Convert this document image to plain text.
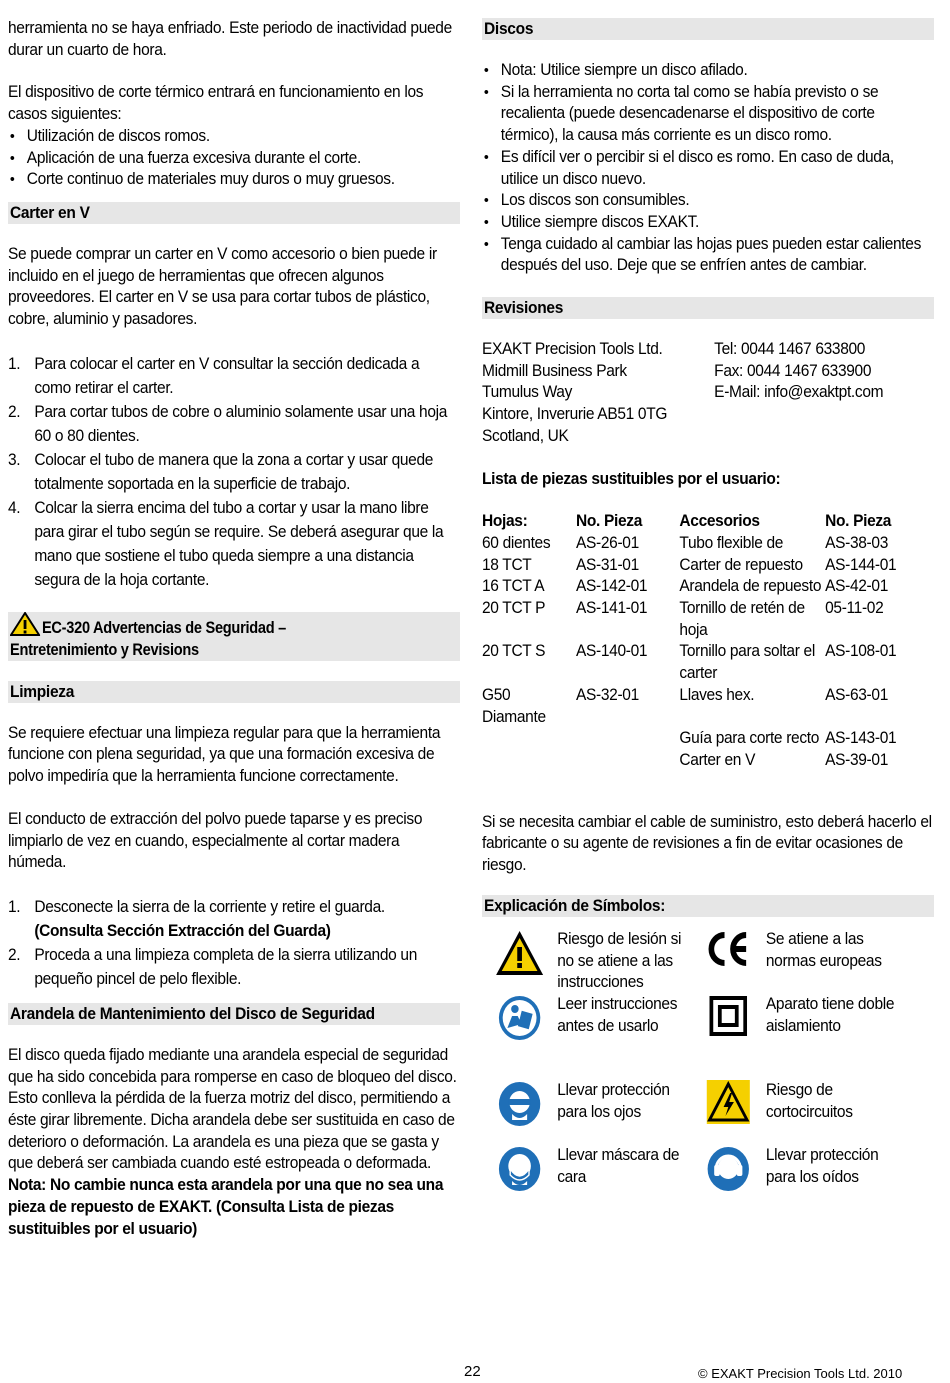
herramienta no se haya enfriado. Este periodo de inactividad puede durar un cuarto de hora.

El dispositivo de corte térmico entrará en funcionamiento en los casos siguientes:

• Utilización de discos romos.
• Aplicación de una fuerza excesiva durante el corte.
• Corte continuo de materiales muy duros o muy gruesos.
Carter en V

Se puede comprar un carter en V como accesorio o bien puede ir incluido en el juego de herramientas que ofrecen algunos proveedores. El carter en V se usa para cortar tubos de plástico, cobre, aluminio y pasadores.

1. Para colocar el carter en V consultar la sección dedicada a como retirar el carter.
2. Para cortar tubos de cobre o aluminio solamente usar una hoja 60 o 80 dientes.
3. Colocar el tubo de manera que la zona a cortar y usar quede totalmente soportada en la superficie de trabajo.
4. Colcar la sierra encima del tubo a cortar y usar la mano libre para girar el tubo según se require. Se deberá asegurar que la mano que sostiene el tubo queda siempre a una distancia segura de la hoja cortante.
EC-320 Advertencias de Seguridad –
Entretenimiento y Revisions
Limpieza

Se requiere efectuar una limpieza regular para que la herramienta funcione con plena seguridad, ya que una formación excesiva de polvo impediría que la herramienta funcione correctamente.

El conducto de extracción del polvo puede taparse y es preciso limpiarlo de vez en cuando, especialmente al cortar madera húmeda.

1. Desconecte la sierra de la corriente y retire el guarda.
(Consulta Sección Extracción del Guarda)
2. Proceda a una limpieza completa de la sierra utilizando un pequeño pincel de pelo flexible.
Arandela de Mantenimiento del Disco de Seguridad

El disco queda fijado mediante una arandela especial de seguridad que ha sido concebida para romperse en caso de bloqueo del disco. Esto conlleva la pérdida de la fuerza motriz del disco, permitiendo a éste girar libremente. Dicha arandela debe ser sustituida en caso de deterioro o deformación. La arandela es una pieza que se gasta y que deberá ser cambiada cuando esté estropeada o deformada.

Nota: No cambie nunca esta arandela por una que no sea una pieza de repuesto de EXAKT. (Consulta Lista de piezas sustituibles por el usuario)

Discos
• Nota: Utilice siempre un disco afilado.
• Si la herramienta no corta tal como se había previsto o se recalienta (puede desencadenarse el dispositivo de corte térmico), la causa más corriente es un disco romo.
• Es difícil ver o percibir si el disco es romo. En caso de duda, utilice un disco nuevo.
• Los discos son consumibles.
• Utilice siempre discos EXAKT.
• Tenga cuidado al cambiar las hojas pues pueden estar calientes después del uso. Deje que se enfríen antes de cambiar.
Revisiones
EXAKT Precision Tools Ltd.
Midmill Business Park
Tumulus Way
Kintore, Inverurie AB51 0TG
Scotland, UK
Tel: 0044 1467 633800
Fax: 0044 1467 633900
E-Mail: info@exaktpt.com
Lista de piezas sustituibles por el usuario:
Hojas:	No. Pieza	Accesorios	No. Pieza
60 dientes	AS-26-01	Tubo flexible de	AS-38-03
18 TCT	AS-31-01	Carter de repuesto	AS-144-01
16 TCT A	AS-142-01	Arandela de repuesto	AS-42-01
20 TCT P	AS-141-01	Tornillo de retén de hoja	05-11-02
20 TCT S	AS-140-01	Tornillo para soltar el carter	AS-108-01
G50 Diamante	AS-32-01	Llaves hex.	AS-63-01
		Guía para corte recto	AS-143-01
		Carter en V	AS-39-01

Si se necesita cambiar el cable de suministro, esto deberá hacerlo el fabricante o su agente de revisiones a fin de evitar ocasiones de riesgo.

Explicación de Símbolos:
Riesgo de lesión si no se atiene a las instrucciones
Se atiene a las normas europeas
Leer instrucciones antes de usarlo
Aparato tiene doble aislamiento
Llevar protección para los ojos
Riesgo de cortocircuitos
Llevar máscara de cara
Llevar protección para los oídos
22	© EXAKT Precision Tools Ltd. 2010
